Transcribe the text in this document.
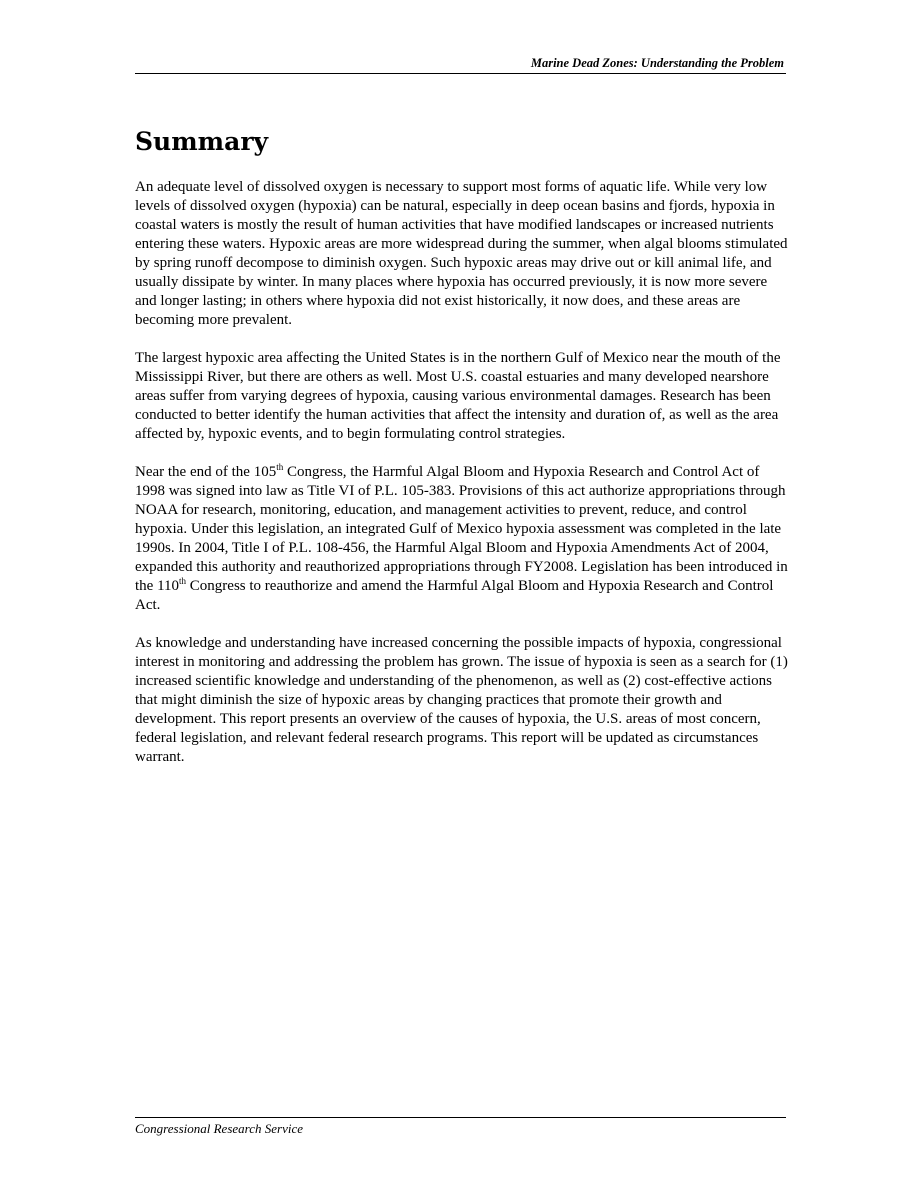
Marine Dead Zones: Understanding the Problem
Summary

An adequate level of dissolved oxygen is necessary to support most forms of aquatic life. While very low levels of dissolved oxygen (hypoxia) can be natural, especially in deep ocean basins and fjords, hypoxia in coastal waters is mostly the result of human activities that have modified landscapes or increased nutrients entering these waters. Hypoxic areas are more widespread during the summer, when algal blooms stimulated by spring runoff decompose to diminish oxygen. Such hypoxic areas may drive out or kill animal life, and usually dissipate by winter. In many places where hypoxia has occurred previously, it is now more severe and longer lasting; in others where hypoxia did not exist historically, it now does, and these areas are becoming more prevalent.

The largest hypoxic area affecting the United States is in the northern Gulf of Mexico near the mouth of the Mississippi River, but there are others as well. Most U.S. coastal estuaries and many developed nearshore areas suffer from varying degrees of hypoxia, causing various environmental damages. Research has been conducted to better identify the human activities that affect the intensity and duration of, as well as the area affected by, hypoxic events, and to begin formulating control strategies.

Near the end of the 105th Congress, the Harmful Algal Bloom and Hypoxia Research and Control Act of 1998 was signed into law as Title VI of P.L. 105-383. Provisions of this act authorize appropriations through NOAA for research, monitoring, education, and management activities to prevent, reduce, and control hypoxia. Under this legislation, an integrated Gulf of Mexico hypoxia assessment was completed in the late 1990s. In 2004, Title I of P.L. 108-456, the Harmful Algal Bloom and Hypoxia Amendments Act of 2004, expanded this authority and reauthorized appropriations through FY2008. Legislation has been introduced in the 110th Congress to reauthorize and amend the Harmful Algal Bloom and Hypoxia Research and Control Act.

As knowledge and understanding have increased concerning the possible impacts of hypoxia, congressional interest in monitoring and addressing the problem has grown. The issue of hypoxia is seen as a search for (1) increased scientific knowledge and understanding of the phenomenon, as well as (2) cost-effective actions that might diminish the size of hypoxic areas by changing practices that promote their growth and development. This report presents an overview of the causes of hypoxia, the U.S. areas of most concern, federal legislation, and relevant federal research programs. This report will be updated as circumstances warrant.

Congressional Research Service
